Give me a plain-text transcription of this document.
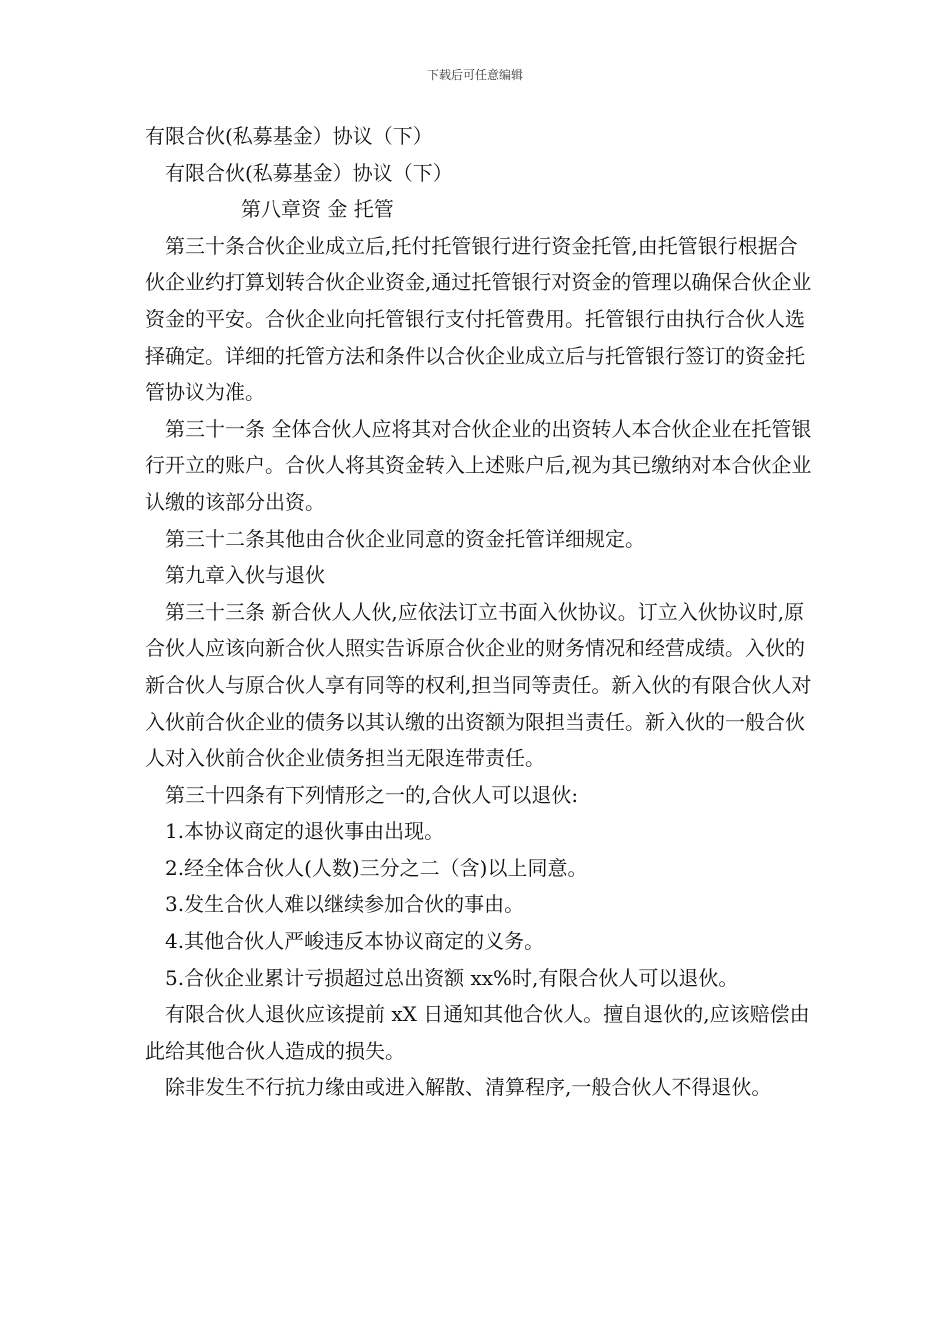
下载后可任意编辑

有限合伙(私募基金）协议（下）

有限合伙(私募基金）协议（下）

第八章资 金 托管

第三十条合伙企业成立后,托付托管银行进行资金托管,由托管银行根据合伙企业约打算划转合伙企业资金,通过托管银行对资金的管理以确保合伙企业资金的平安。合伙企业向托管银行支付托管费用。托管银行由执行合伙人选择确定。详细的托管方法和条件以合伙企业成立后与托管银行签订的资金托管协议为准。

第三十一条 全体合伙人应将其对合伙企业的出资转人本合伙企业在托管银行开立的账户。合伙人将其资金转入上述账户后,视为其已缴纳对本合伙企业认缴的该部分出资。

第三十二条其他由合伙企业同意的资金托管详细规定。

第九章入伙与退伙

第三十三条 新合伙人人伙,应依法订立书面入伙协议。订立入伙协议时,原合伙人应该向新合伙人照实告诉原合伙企业的财务情况和经营成绩。入伙的新合伙人与原合伙人享有同等的权利,担当同等责任。新入伙的有限合伙人对入伙前合伙企业的债务以其认缴的出资额为限担当责任。新入伙的一般合伙人对入伙前合伙企业债务担当无限连带责任。

第三十四条有下列情形之一的,合伙人可以退伙:

1.本协议商定的退伙事由出现。

2.经全体合伙人(人数)三分之二（含)以上同意。

3.发生合伙人难以继续参加合伙的事由。

4.其他合伙人严峻违反本协议商定的义务。

5.合伙企业累计亏损超过总出资额 xx%时,有限合伙人可以退伙。

有限合伙人退伙应该提前 xX 日通知其他合伙人。擅自退伙的,应该赔偿由此给其他合伙人造成的损失。

除非发生不行抗力缘由或进入解散、清算程序,一般合伙人不得退伙。
